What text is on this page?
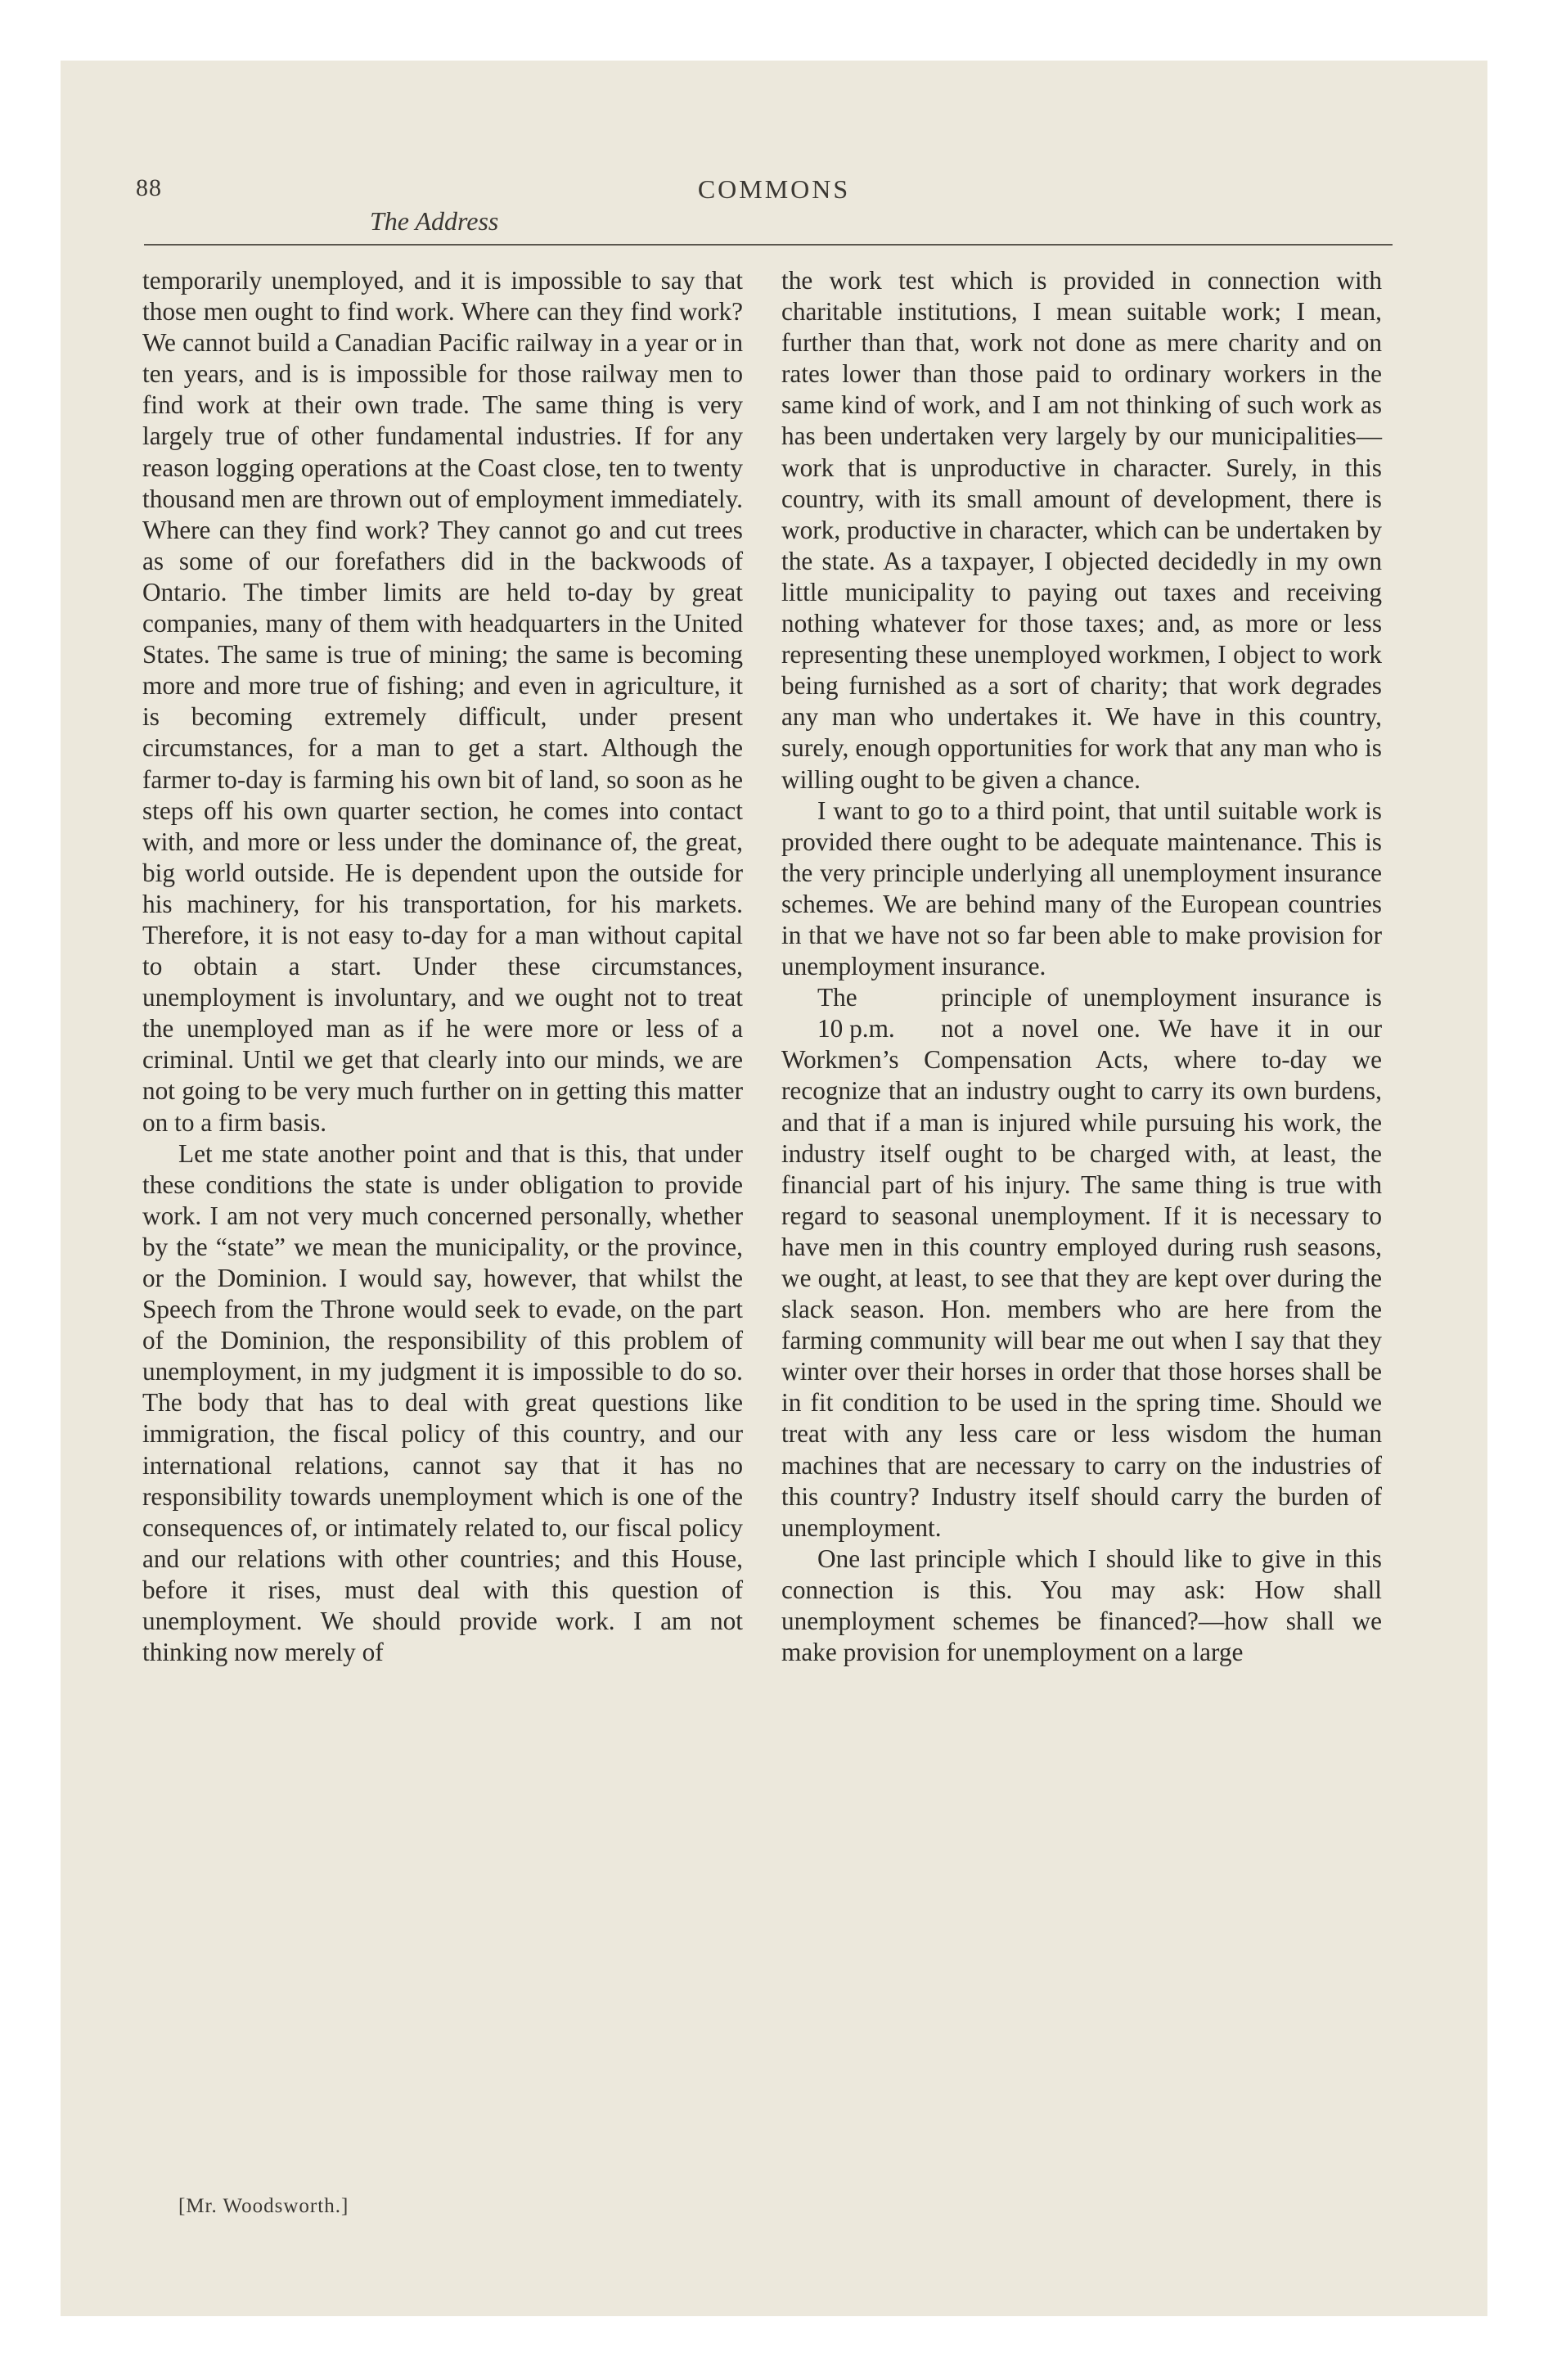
88	COMMONS
The Address

temporarily unemployed, and it is impossible to say that those men ought to find work. Where can they find work? We cannot build a Canadian Pacific railway in a year or in ten years, and is is impossible for those railway men to find work at their own trade. The same thing is very largely true of other fundamental industries. If for any reason logging operations at the Coast close, ten to twenty thousand men are thrown out of employment immediately. Where can they find work? They cannot go and cut trees as some of our forefathers did in the backwoods of Ontario. The timber limits are held to-day by great companies, many of them with headquarters in the United States. The same is true of mining; the same is becoming more and more true of fishing; and even in agriculture, it is becoming extremely difficult, under present circumstances, for a man to get a start. Although the farmer to-day is farming his own bit of land, so soon as he steps off his own quarter section, he comes into contact with, and more or less under the dominance of, the great, big world outside. He is dependent upon the outside for his machinery, for his transportation, for his markets. Therefore, it is not easy to-day for a man without capital to obtain a start. Under these circumstances, unemployment is involuntary, and we ought not to treat the unemployed man as if he were more or less of a criminal. Until we get that clearly into our minds, we are not going to be very much further on in getting this matter on to a firm basis.

Let me state another point and that is this, that under these conditions the state is under obligation to provide work. I am not very much concerned personally, whether by the “state” we mean the municipality, or the province, or the Dominion. I would say, however, that whilst the Speech from the Throne would seek to evade, on the part of the Dominion, the responsibility of this problem of unemployment, in my judgment it is impossible to do so. The body that has to deal with great questions like immigration, the fiscal policy of this country, and our international relations, cannot say that it has no responsibility towards unemployment which is one of the consequences of, or intimately related to, our fiscal policy and our relations with other countries; and this House, before it rises, must deal with this question of unemployment. We should provide work. I am not thinking now merely of

the work test which is provided in connection with charitable institutions, I mean suitable work; I mean, further than that, work not done as mere charity and on rates lower than those paid to ordinary workers in the same kind of work, and I am not thinking of such work as has been undertaken very largely by our municipalities—work that is unproductive in character. Surely, in this country, with its small amount of development, there is work, productive in character, which can be undertaken by the state. As a taxpayer, I objected decidedly in my own little municipality to paying out taxes and receiving nothing whatever for those taxes; and, as more or less representing these unemployed workmen, I object to work being furnished as a sort of charity; that work degrades any man who undertakes it. We have in this country, surely, enough opportunities for work that any man who is willing ought to be given a chance.

I want to go to a third point, that until suitable work is provided there ought to be adequate maintenance. This is the very principle underlying all unemployment insurance schemes. We are behind many of the European countries in that we have not so far been able to make provision for unemployment insurance.

The
10 p.m.

principle of unemployment insurance is not a novel one. We have it in our Workmen’s Compensation Acts, where to-day we recognize that an industry ought to carry its own burdens, and that if a man is injured while pursuing his work, the industry itself ought to be charged with, at least, the financial part of his injury. The same thing is true with regard to seasonal unemployment. If it is necessary to have men in this country employed during rush seasons, we ought, at least, to see that they are kept over during the slack season. Hon. members who are here from the farming community will bear me out when I say that they winter over their horses in order that those horses shall be in fit condition to be used in the spring time. Should we treat with any less care or less wisdom the human machines that are necessary to carry on the industries of this country? Industry itself should carry the burden of unemployment.

One last principle which I should like to give in this connection is this. You may ask: How shall unemployment schemes be financed?—how shall we make provision for unemployment on a large

[Mr. Woodsworth.]
